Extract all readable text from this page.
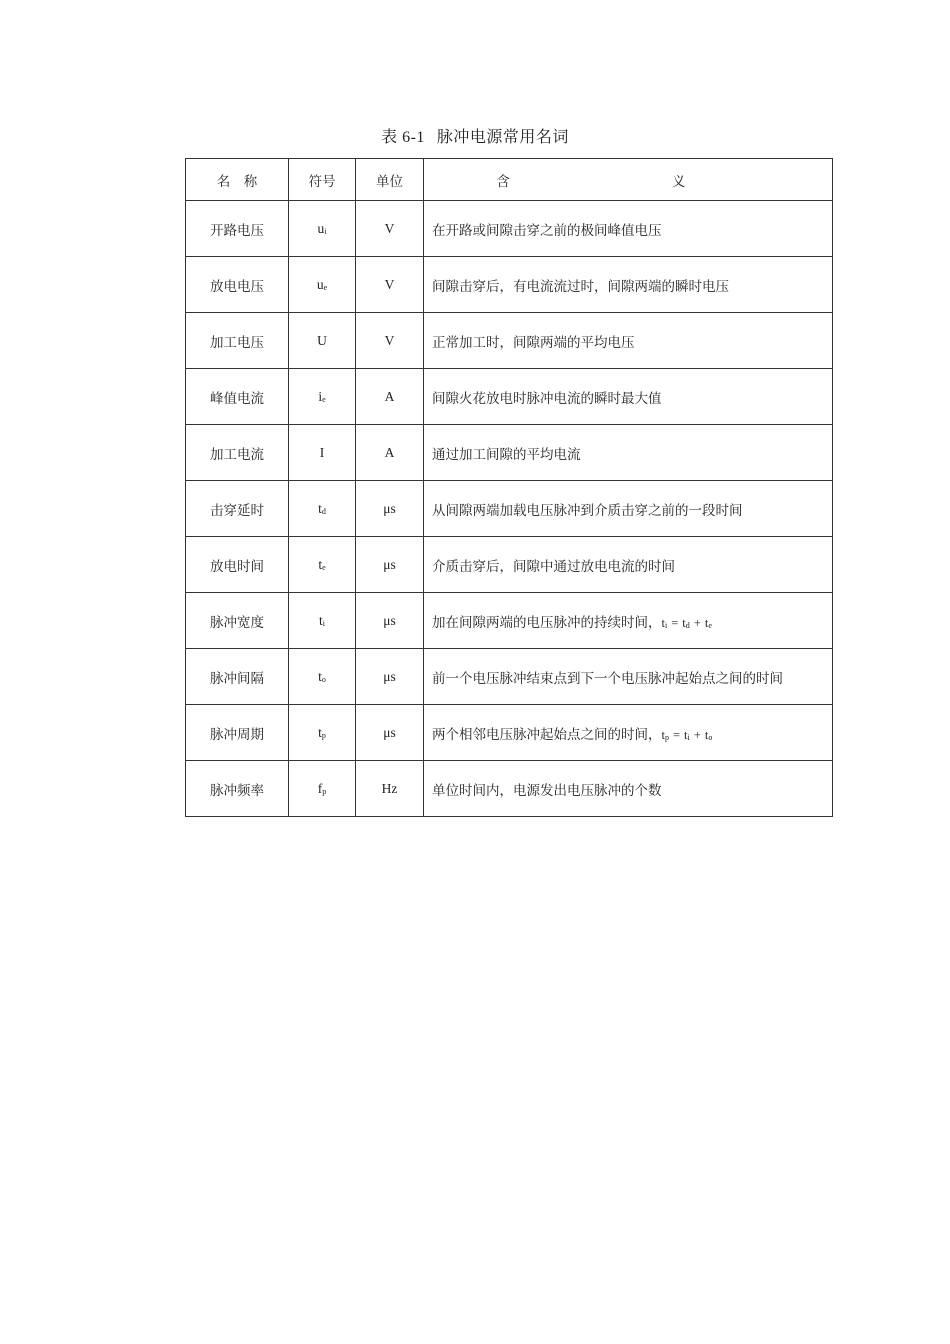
表 6-1 脉冲电源常用名词
名　称	符号	单位	含　义
开路电压	$u_i$	V	在开路或间隙击穿之前的极间峰值电压
放电电压	$u_e$	V	间隙击穿后，有电流流过时，间隙两端的瞬时电压
加工电压	U	V	正常加工时，间隙两端的平均电压
峰值电流	$i_e$	A	间隙火花放电时脉冲电流的瞬时最大值
加工电流	I	A	通过加工间隙的平均电流
击穿延时	$t_d$	μs	从间隙两端加载电压脉冲到介质击穿之前的一段时间
放电时间	$t_e$	μs	介质击穿后，间隙中通过放电电流的时间
脉冲宽度	$t_i$	μs	加在间隙两端的电压脉冲的持续时间，$t_i = t_d + t_e$
脉冲间隔	$t_o$	μs	前一个电压脉冲结束点到下一个电压脉冲起始点之间的时间
脉冲周期	$t_p$	μs	两个相邻电压脉冲起始点之间的时间，$t_p = t_i + t_o$
脉冲频率	$f_p$	Hz	单位时间内，电源发出电压脉冲的个数
